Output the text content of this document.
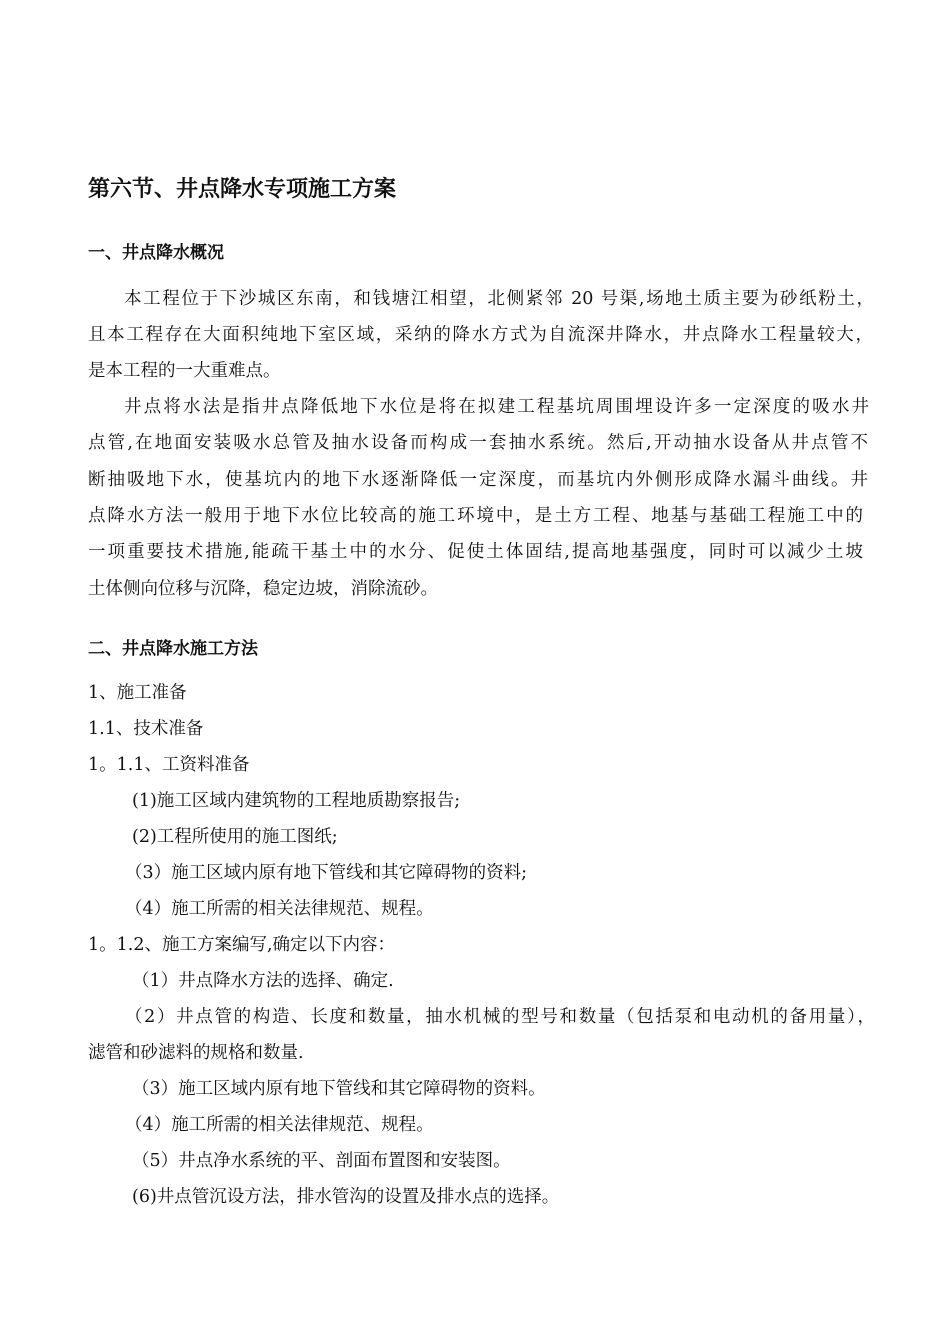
第六节、井点降水专项施工方案
一、井点降水概况
本工程位于下沙城区东南，和钱塘江相望，北侧紧邻 20 号渠,场地土质主要为砂纸粉土，
且本工程存在大面积纯地下室区域，采纳的降水方式为自流深井降水，井点降水工程量较大，
是本工程的一大重难点。
井点将水法是指井点降低地下水位是将在拟建工程基坑周围埋设许多一定深度的吸水井
点管,在地面安装吸水总管及抽水设备而构成一套抽水系统。然后,开动抽水设备从井点管不
断抽吸地下水，使基坑内的地下水逐渐降低一定深度，而基坑内外侧形成降水漏斗曲线。井
点降水方法一般用于地下水位比较高的施工环境中，是土方工程、地基与基础工程施工中的
一项重要技术措施,能疏干基土中的水分、促使土体固结,提高地基强度，同时可以减少土坡
土体侧向位移与沉降，稳定边坡，消除流砂。
二、井点降水施工方法
1、施工准备
1.1、技术准备
1。1.1、工资料准备
(1)施工区域内建筑物的工程地质勘察报告;
(2)工程所使用的施工图纸;
（3）施工区域内原有地下管线和其它障碍物的资料;
（4）施工所需的相关法律规范、规程。
1。1.2、施工方案编写,确定以下内容：
（1）井点降水方法的选择、确定.
（2）井点管的构造、长度和数量，抽水机械的型号和数量（包括泵和电动机的备用量），
滤管和砂滤料的规格和数量.
（3）施工区域内原有地下管线和其它障碍物的资料。
（4）施工所需的相关法律规范、规程。
（5）井点净水系统的平、剖面布置图和安装图。
(6)井点管沉设方法，排水管沟的设置及排水点的选择。
